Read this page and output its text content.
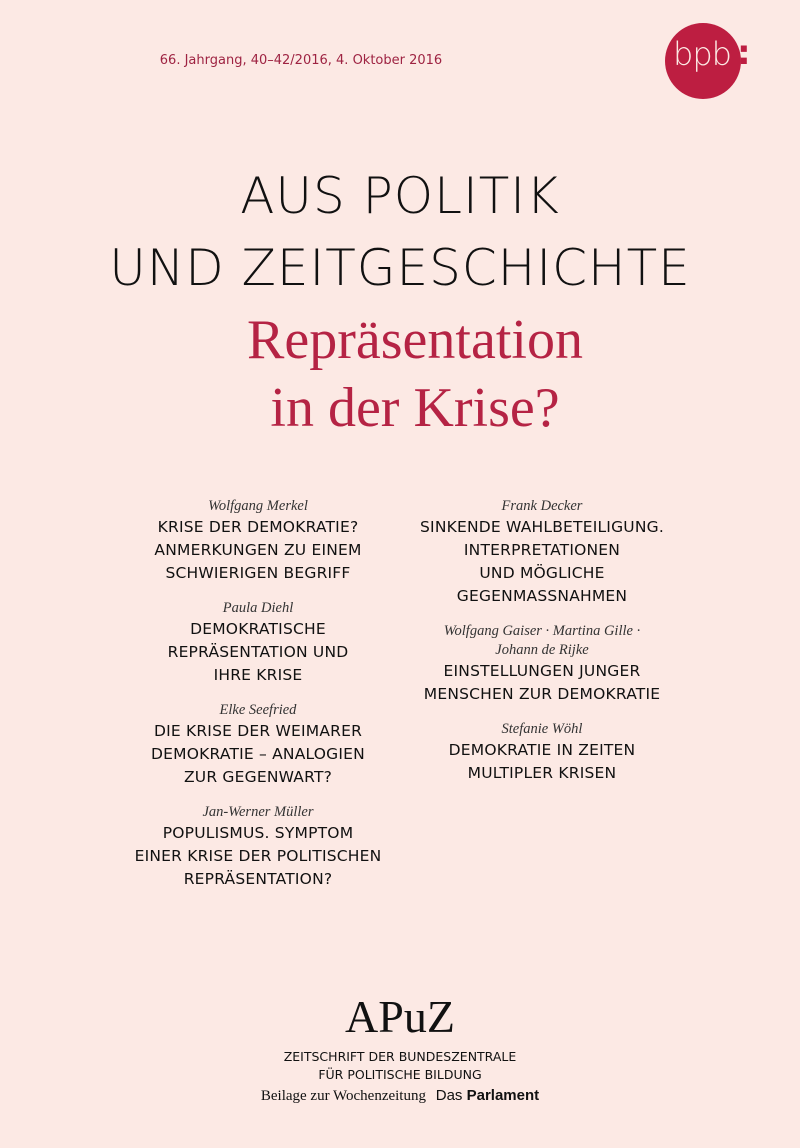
66. Jahrgang, 40–42/2016, 4. Oktober 2016	bpb :
AUS POLITIK
UND ZEITGESCHICHTE
Repräsentation
in der Krise?
Wolfgang Merkel
KRISE DER DEMOKRATIE?
ANMERKUNGEN ZU EINEM
SCHWIERIGEN BEGRIFF
Paula Diehl
DEMOKRATISCHE
REPRÄSENTATION UND
IHRE KRISE
Elke Seefried
DIE KRISE DER WEIMARER
DEMOKRATIE – ANALOGIEN
ZUR GEGENWART?
Jan-Werner Müller
POPULISMUS. SYMPTOM
EINER KRISE DER POLITISCHEN
REPRÄSENTATION?
Frank Decker
SINKENDE WAHLBETEILIGUNG.
INTERPRETATIONEN
UND MÖGLICHE
GEGENMASSNAHMEN
Wolfgang Gaiser · Martina Gille · Johann de Rijke
EINSTELLUNGEN JUNGER
MENSCHEN ZUR DEMOKRATIE
Stefanie Wöhl
DEMOKRATIE IN ZEITEN
MULTIPLER KRISEN
APuZ
ZEITSCHRIFT DER BUNDESZENTRALE
FÜR POLITISCHE BILDUNG
Beilage zur Wochenzeitung Das Parlament
